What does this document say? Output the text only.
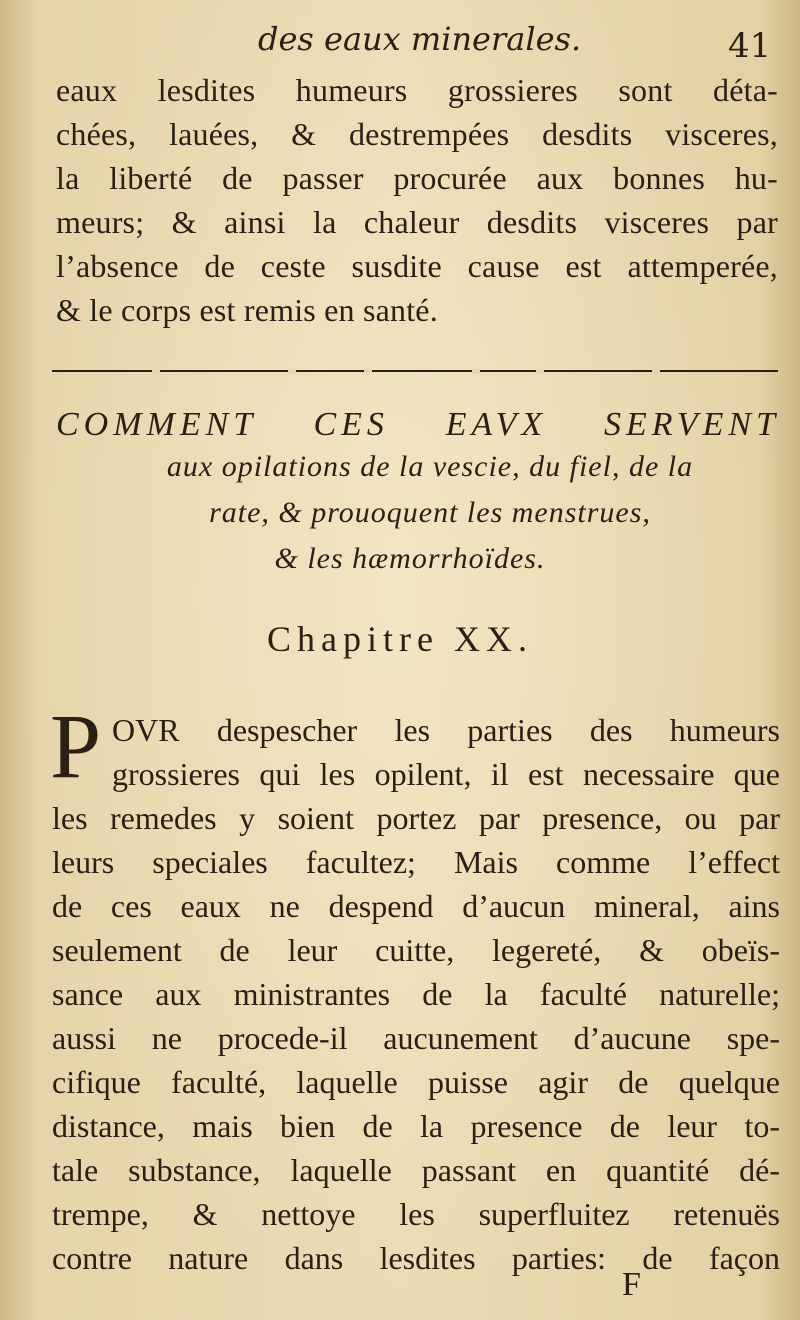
des eaux minerales.	41
eaux lesdites humeurs grossieres sont déta-
chées, lauées, & destrempées desdits visceres,
la liberté de passer procurée aux bonnes hu-
meurs; & ainsi la chaleur desdits visceres par
l’absence de ceste susdite cause est attemperée,
& le corps est remis en santé.
COMMENT CES EAVX SERVENT
aux opilations de la vescie, du fiel, de la
rate, & prouoquent les menstrues,
& les hæmorrhoïdes.
Chapitre XX.
P OVR despescher les parties des humeurs
grossieres qui les opilent, il est necessaire que
les remedes y soient portez par presence, ou par
leurs speciales facultez; Mais comme l’effect
de ces eaux ne despend d’aucun mineral, ains
seulement de leur cuitte, legereté, & obeïs-
sance aux ministrantes de la faculté naturelle;
aussi ne procede-il aucunement d’aucune spe-
cifique faculté, laquelle puisse agir de quelque
distance, mais bien de la presence de leur to-
tale substance, laquelle passant en quantité dé-
trempe, & nettoye les superfluitez retenuës
contre nature dans lesdites parties: de façon
F
